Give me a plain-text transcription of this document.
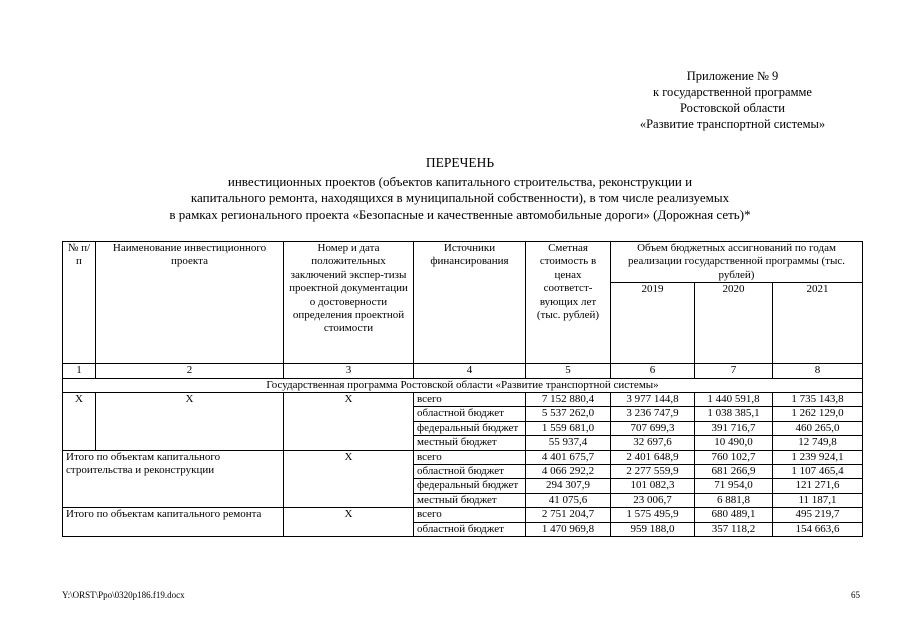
Приложение № 9
к государственной программе
Ростовской области
«Развитие транспортной системы»
ПЕРЕЧЕНЬ
инвестиционных проектов (объектов капитального строительства, реконструкции и
капитального ремонта, находящихся в муниципальной собственности), в том числе реализуемых
в рамках регионального проекта «Безопасные и качественные автомобильные дороги» (Дорожная сеть)*
№ п/п	Наименование инвестиционного проекта	Номер и дата положительных заключений экспер-тизы проектной документации о достоверности определения проектной стоимости	Источники финансирования	Сметная стоимость в ценах соответст-вующих лет (тыс. рублей)	Объем бюджетных ассигнований по годам реализации государственной программы (тыс. рублей)		
					2019	2020	2021
1	2	3	4	5	6	7	8
Государственная программа Ростовской области «Развитие транспортной системы»							
Х	Х	Х	всего	7 152 880,4	3 977 144,8	1 440 591,8	1 735 143,8
			областной бюджет	5 537 262,0	3 236 747,9	1 038 385,1	1 262 129,0
			федеральный бюджет	1 559 681,0	707 699,3	391 716,7	460 265,0
			местный бюджет	55 937,4	32 697,6	10 490,0	12 749,8
Итого по объектам капитального строительства и реконструкции		Х	всего	4 401 675,7	2 401 648,9	760 102,7	1 239 924,1
			областной бюджет	4 066 292,2	2 277 559,9	681 266,9	1 107 465,4
			федеральный бюджет	294 307,9	101 082,3	71 954,0	121 271,6
			местный бюджет	41 075,6	23 006,7	6 881,8	11 187,1
Итого по объектам капитального ремонта		Х	всего	2 751 204,7	1 575 495,9	680 489,1	495 219,7
			областной бюджет	1 470 969,8	959 188,0	357 118,2	154 663,6
Y:\ORST\Ppo\0320p186.f19.docx	65
